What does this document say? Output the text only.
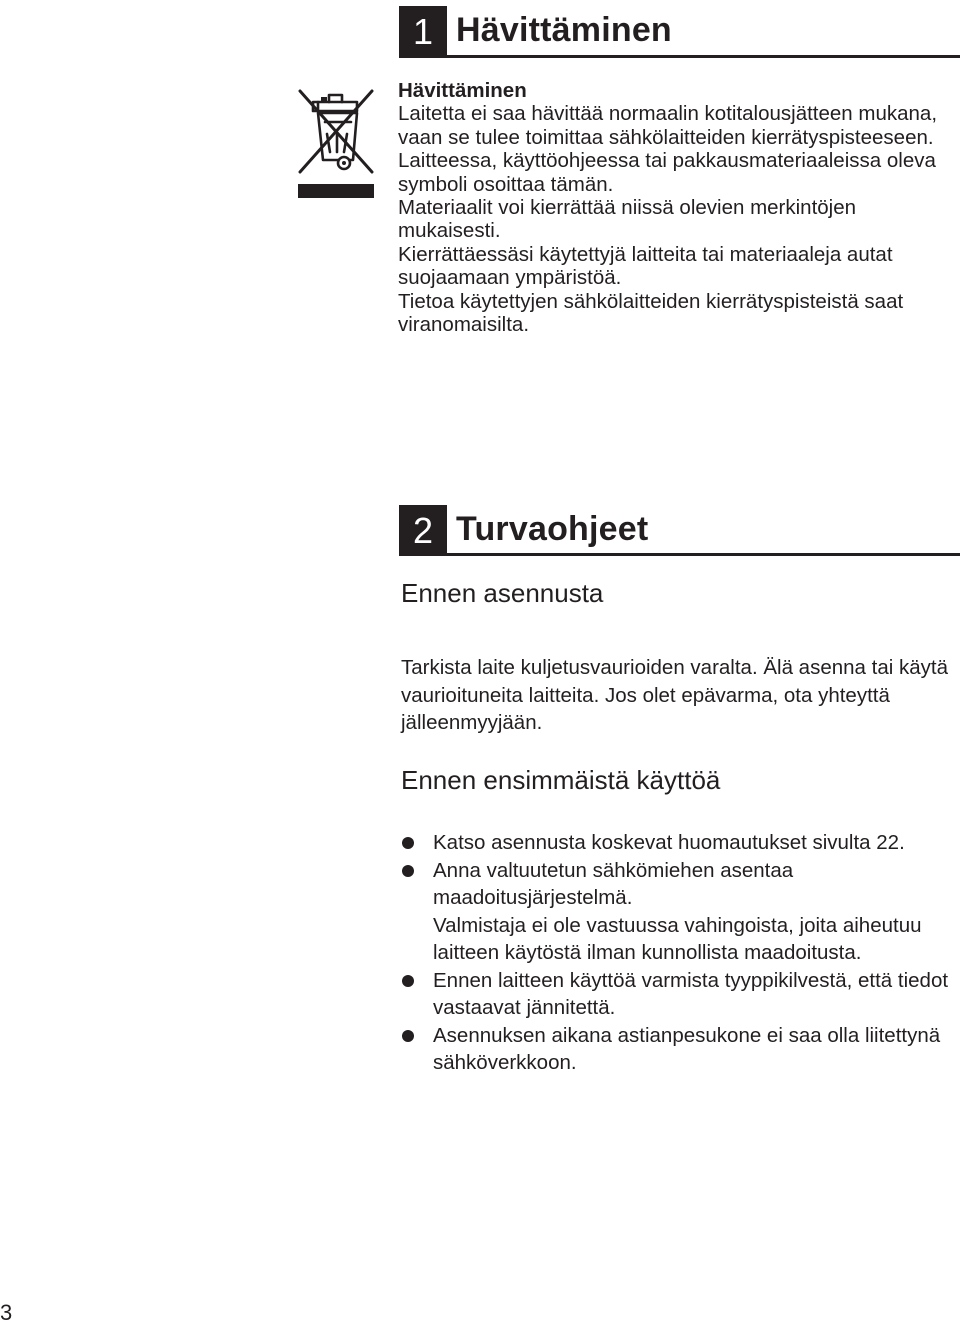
1 Hävittäminen

Hävittäminen

Laitetta ei saa hävittää normaalin kotitalousjätteen mukana, vaan se tulee toimittaa sähkölaitteiden kierrätyspisteeseen.

Laitteessa, käyttöohjeessa tai pakkausmateriaaleissa oleva symboli osoittaa tämän.

Materiaalit voi kierrättää niissä olevien merkintöjen mukaisesti.

Kierrättäessäsi käytettyjä laitteita tai materiaaleja autat suojaamaan ympäristöä.

Tietoa käytettyjen sähkölaitteiden kierrätyspisteistä saat viranomaisilta.

2 Turvaohjeet
Ennen asennusta

Tarkista laite kuljetusvaurioiden varalta. Älä asenna tai käytä vaurioituneita laitteita. Jos olet epävarma, ota yhteyttä jälleenmyyjään.

Ennen ensimmäistä käyttöä

Katso asennusta koskevat huomautukset sivulta 22.

Anna valtuutetun sähkömiehen asentaa maadoitusjärjestelmä.

Valmistaja ei ole vastuussa vahingoista, joita aiheutuu laitteen käytöstä ilman kunnollista maadoitusta.

Ennen laitteen käyttöä varmista tyyppikilvestä, että tiedot vastaavat jännitettä.

Asennuksen aikana astianpesukone ei saa olla liitettynä sähköverkkoon.

3
